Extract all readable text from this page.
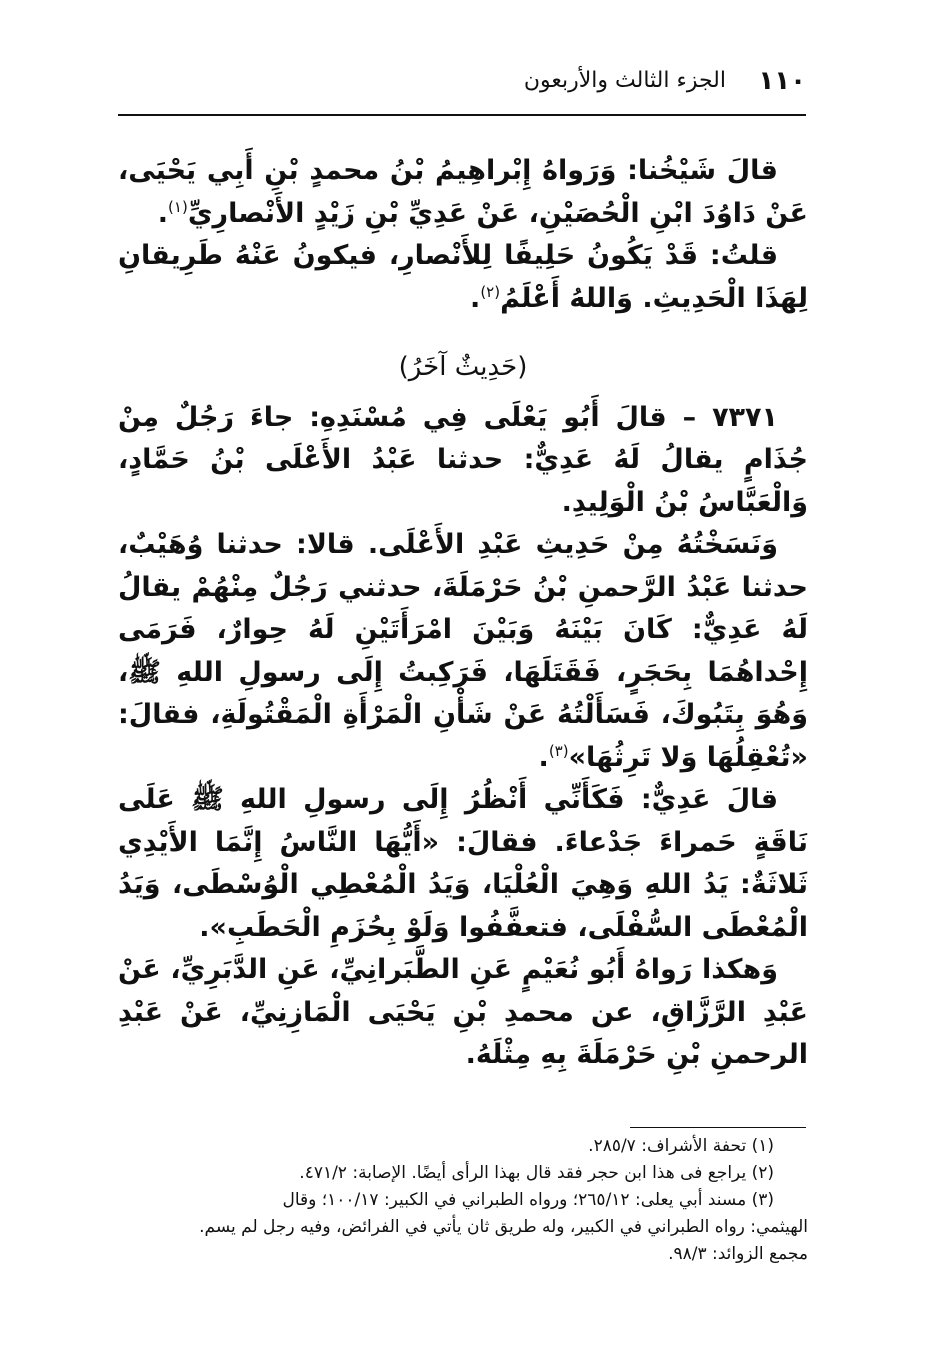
١١٠
الجزء الثالث والأربعون

قالَ شَيْخُنا: وَرَواهُ إِبْراهِيمُ بْنُ محمدٍ بْنِ أَبِي يَحْيَى، عَنْ دَاوُدَ ابْنِ الْحُصَيْنِ، عَنْ عَدِيِّ بْنِ زَيْدٍ الأَنْصارِيِّ$^{(١)}$.

قلتُ: قَدْ يَكُونُ حَلِيفًا لِلأَنْصارِ، فيكونُ عَنْهُ طَرِيقانِ لِهَذَا الْحَدِيثِ. وَاللهُ أَعْلَمُ$^{(٢)}$.

(حَدِيثٌ آخَرُ)

٧٣٧١ – قالَ أَبُو يَعْلَى فِي مُسْنَدِهِ: جاءَ رَجُلٌ مِنْ جُذَامٍ يقالُ لَهُ عَدِيٌّ: حدثنا عَبْدُ الأَعْلَى بْنُ حَمَّادٍ، وَالْعَبَّاسُ بْنُ الْوَلِيدِ.

وَنَسَخْتُهُ مِنْ حَدِيثِ عَبْدِ الأَعْلَى. قالا: حدثنا وُهَيْبٌ، حدثنا عَبْدُ الرَّحمنِ بْنُ حَرْمَلَةَ، حدثني رَجُلٌ مِنْهُمْ يقالُ لَهُ عَدِيٌّ: كَانَ بَيْنَهُ وَبَيْنَ امْرَأَتَيْنِ لَهُ حِوارٌ، فَرَمَى إِحْداهُمَا بِحَجَرٍ، فَقَتَلَهَا، فَرَكِبتُ إِلَى رسولِ اللهِ ﷺ، وَهُوَ بِتَبُوكَ، فَسَأَلْتُهُ عَنْ شَأْنِ الْمَرْأَةِ الْمَقْتُولَةِ، فقالَ: «تُعْقِلُهَا وَلا تَرِثُهَا»$^{(٣)}$.

قالَ عَدِيٌّ: فَكَأَنِّي أَنْظُرُ إِلَى رسولِ اللهِ ﷺ عَلَى نَاقَةٍ حَمراءَ جَدْعاءَ. فقالَ: «أَيُّهَا النَّاسُ إِنَّمَا الأَيْدِي ثَلاثَةٌ: يَدُ اللهِ وَهِيَ الْعُلْيَا، وَيَدُ الْمُعْطِي الْوُسْطَى، وَيَدُ الْمُعْطَى السُّفْلَى، فتعفَّفُوا وَلَوْ بِحُزَمِ الْحَطَبِ».

وَهكذا رَواهُ أَبُو نُعَيْمٍ عَنِ الطَّبَرانِيِّ، عَنِ الدَّبَرِيِّ، عَنْ عَبْدِ الرَّزَّاقِ، عن محمدِ بْنِ يَحْيَى الْمَازِنِيِّ، عَنْ عَبْدِ الرحمنِ بْنِ حَرْمَلَةَ بِهِ مِثْلَهُ.

(١) تحفة الأشراف: ٢٨٥/٧.

(٢) يراجع فى هذا ابن حجر فقد قال بهذا الرأى أيضًا. الإصابة: ٤٧١/٢.

(٣) مسند أبي يعلى: ٢٦٥/١٢؛ ورواه الطبراني في الكبير: ١٠٠/١٧؛ وقال

الهيثمي: رواه الطبراني في الكبير، وله طريق ثان يأتي في الفرائض، وفيه رجل لم يسم.

مجمع الزوائد: ٩٨/٣.
